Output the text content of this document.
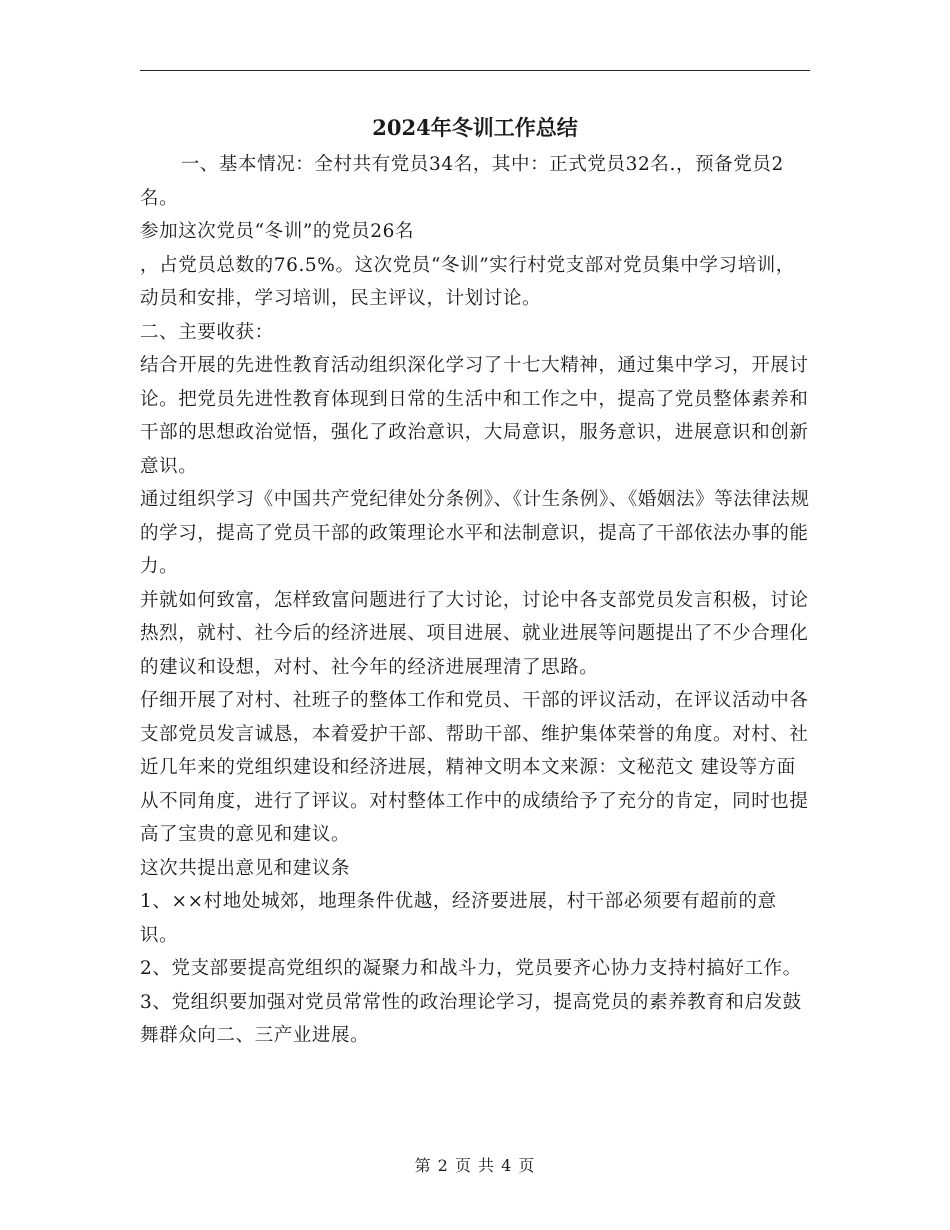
2024年冬训工作总结

一、基本情况：全村共有党员34名，其中：正式党员32名.，预备党员2名。

参加这次党员“冬训”的党员26名

，占党员总数的76.5%。这次党员“冬训”实行村党支部对党员集中学习培训，动员和安排，学习培训，民主评议，计划讨论。

二、主要收获：

结合开展的先进性教育活动组织深化学习了十七大精神，通过集中学习，开展讨论。把党员先进性教育体现到日常的生活中和工作之中，提高了党员整体素养和干部的思想政治觉悟，强化了政治意识，大局意识，服务意识，进展意识和创新意识。

通过组织学习《中国共产党纪律处分条例》、《计生条例》、《婚姻法》等法律法规的学习，提高了党员干部的政策理论水平和法制意识，提高了干部依法办事的能力。

并就如何致富，怎样致富问题进行了大讨论，讨论中各支部党员发言积极，讨论热烈，就村、社今后的经济进展、项目进展、就业进展等问题提出了不少合理化的建议和设想，对村、社今年的经济进展理清了思路。

仔细开展了对村、社班子的整体工作和党员、干部的评议活动，在评议活动中各支部党员发言诚恳，本着爱护干部、帮助干部、维护集体荣誉的角度。对村、社近几年来的党组织建设和经济进展，精神文明本文来源：文秘范文 建设等方面从不同角度，进行了评议。对村整体工作中的成绩给予了充分的肯定，同时也提高了宝贵的意见和建议。

这次共提出意见和建议条

1、××村地处城郊，地理条件优越，经济要进展，村干部必须要有超前的意识。

2、党支部要提高党组织的凝聚力和战斗力，党员要齐心协力支持村搞好工作。

3、党组织要加强对党员常常性的政治理论学习，提高党员的素养教育和启发鼓舞群众向二、三产业进展。

第 2 页 共 4 页
